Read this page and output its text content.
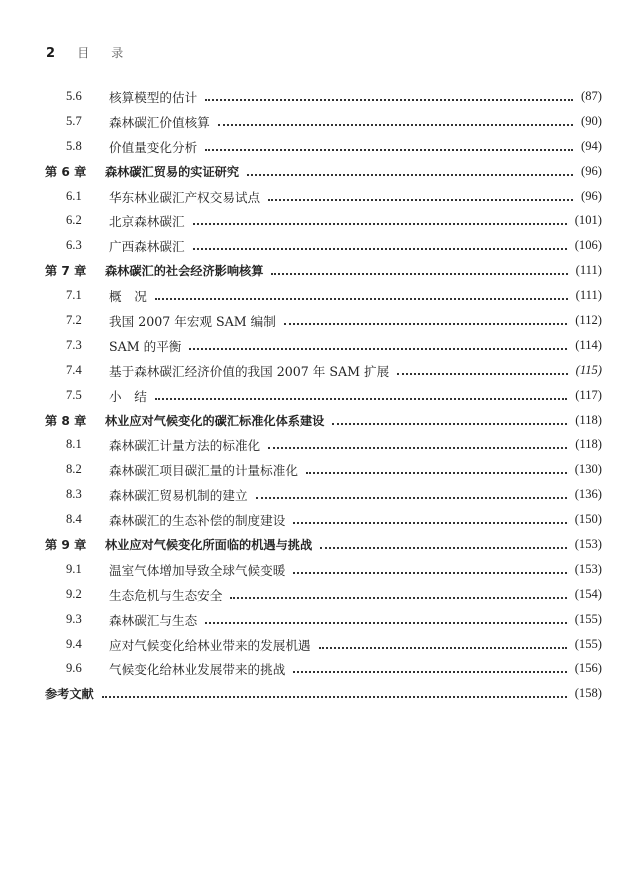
2 目录
5.6	核算模型的估计	(87)
5.7	森林碳汇价值核算	(90)
5.8	价值量变化分析	(94)
第 6 章	森林碳汇贸易的实证研究	(96)
6.1	华东林业碳汇产权交易试点	(96)
6.2	北京森林碳汇	(101)
6.3	广西森林碳汇	(106)
第 7 章	森林碳汇的社会经济影响核算	(111)
7.1	概　况	(111)
7.2	我国 2007 年宏观 SAM 编制	(112)
7.3	SAM 的平衡	(114)
7.4	基于森林碳汇经济价值的我国 2007 年 SAM 扩展	(115)
7.5	小　结	(117)
第 8 章	林业应对气候变化的碳汇标准化体系建设	(118)
8.1	森林碳汇计量方法的标准化	(118)
8.2	森林碳汇项目碳汇量的计量标准化	(130)
8.3	森林碳汇贸易机制的建立	(136)
8.4	森林碳汇的生态补偿的制度建设	(150)
第 9 章	林业应对气候变化所面临的机遇与挑战	(153)
9.1	温室气体增加导致全球气候变暖	(153)
9.2	生态危机与生态安全	(154)
9.3	森林碳汇与生态	(155)
9.4	应对气候变化给林业带来的发展机遇	(155)
9.6	气候变化给林业发展带来的挑战	(156)
参考文献	(158)
